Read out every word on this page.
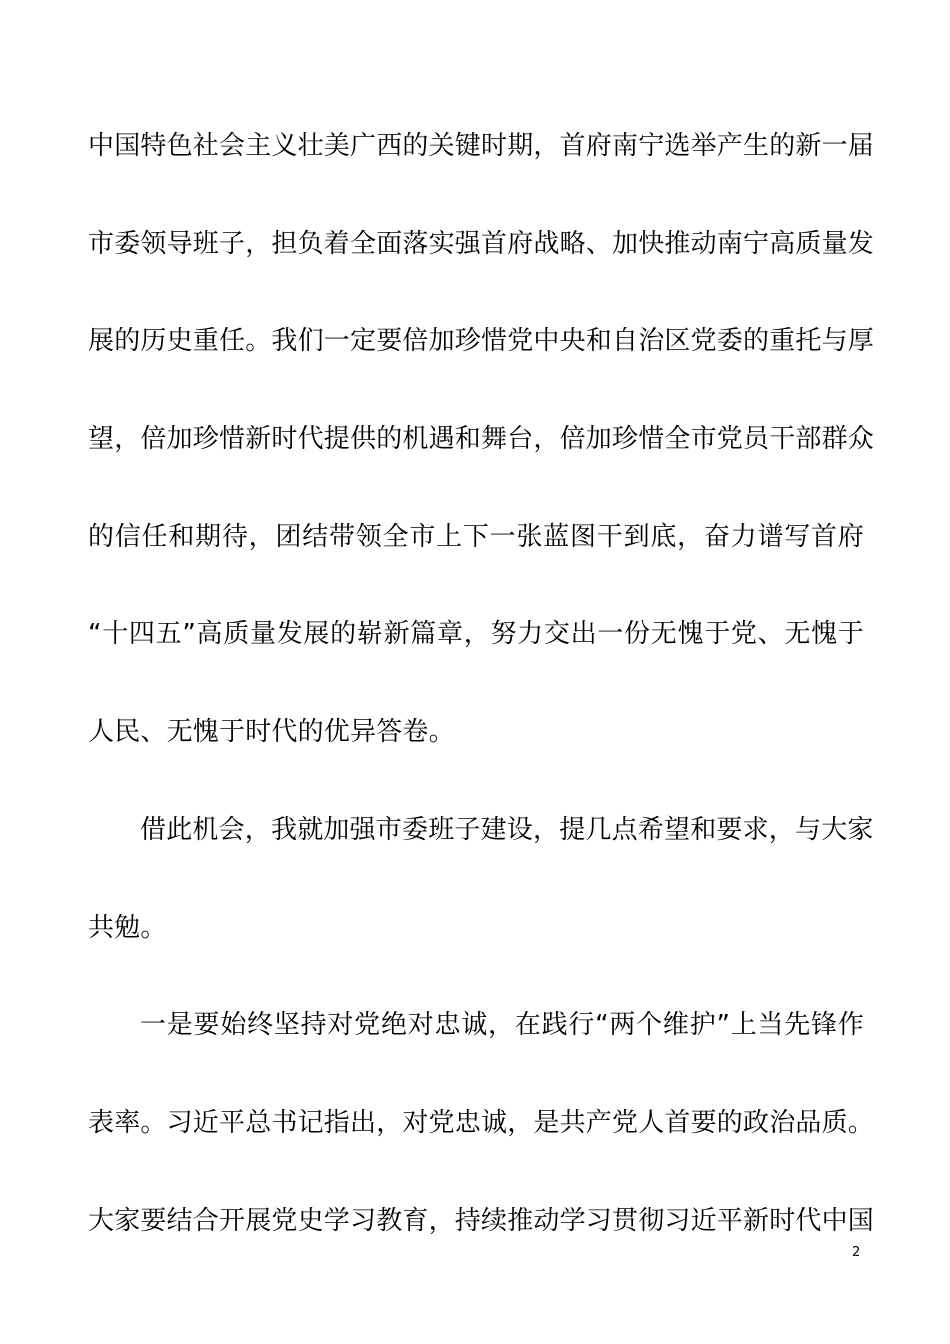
中国特色社会主义壮美广西的关键时期，首府南宁选举产生的新一届
市委领导班子，担负着全面落实强首府战略、加快推动南宁高质量发
展的历史重任。我们一定要倍加珍惜党中央和自治区党委的重托与厚
望，倍加珍惜新时代提供的机遇和舞台，倍加珍惜全市党员干部群众
的信任和期待，团结带领全市上下一张蓝图干到底，奋力谱写首府
“十四五”高质量发展的崭新篇章，努力交出一份无愧于党、无愧于
人民、无愧于时代的优异答卷。
借此机会，我就加强市委班子建设，提几点希望和要求，与大家
共勉。
一是要始终坚持对党绝对忠诚，在践行“两个维护”上当先锋作
表率。习近平总书记指出，对党忠诚，是共产党人首要的政治品质。
大家要结合开展党史学习教育，持续推动学习贯彻习近平新时代中国
2
